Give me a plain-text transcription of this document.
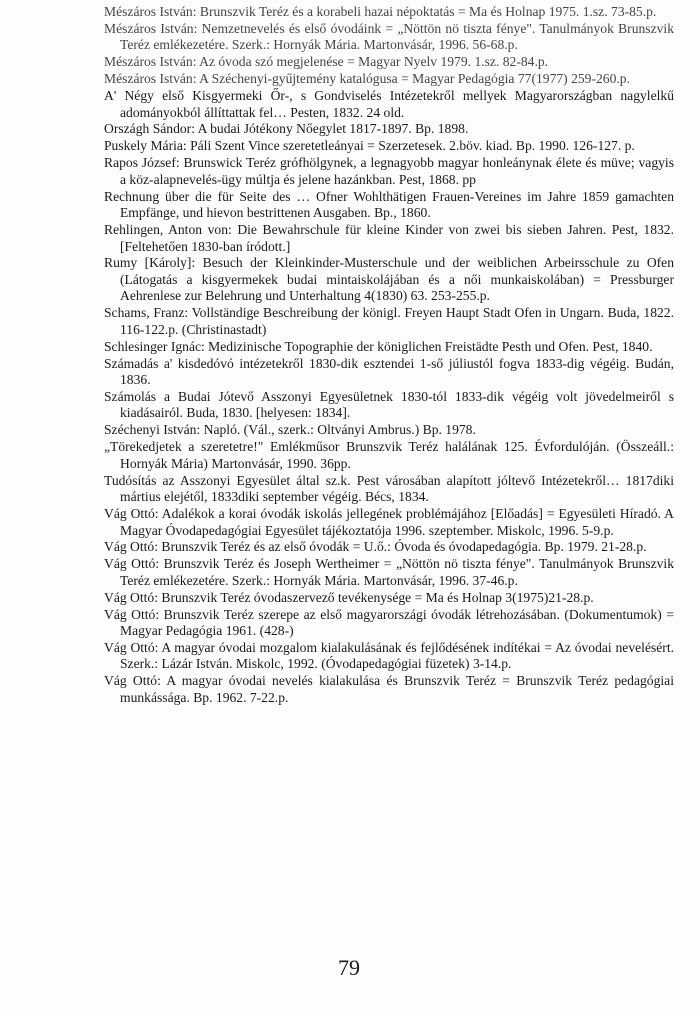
Mészáros István: Brunszvik Teréz és a korabeli hazai népoktatás = Ma és Holnap 1975. 1.sz. 73-85.p.

Mészáros István: Nemzetnevelés és első óvodáink = „Nöttön nö tiszta fénye". Tanulmányok Brunszvik Teréz emlékezetére. Szerk.: Hornyák Mária. Martonvásár, 1996. 56-68.p.

Mészáros István: Az óvoda szó megjelenése = Magyar Nyelv 1979. 1.sz. 82-84.p.

Mészáros István: A Széchenyi-gyűjtemény katalógusa = Magyar Pedagógia 77(1977) 259-260.p.

A' Négy első Kisgyermeki Őr-, s Gondviselés Intézetekről mellyek Magyarországban nagylelkű adományokból állíttattak fel… Pesten, 1832. 24 old.

Országh Sándor: A budai Jótékony Nőegylet 1817-1897. Bp. 1898.

Puskely Mária: Páli Szent Vince szeretetleányai = Szerzetesek. 2.böv. kiad. Bp. 1990. 126-127. p.

Rapos József: Brunswick Teréz grófhölgynek, a legnagyobb magyar honleánynak élete és müve; vagyis a köz-alapnevelés-ügy múltja és jelene hazánkban. Pest, 1868. pp

Rechnung über die für Seite des … Ofner Wohlthätigen Frauen-Vereines im Jahre 1859 gamachten Empfänge, und hievon bestrittenen Ausgaben. Bp., 1860.

Rehlingen, Anton von: Die Bewahrschule für kleine Kinder von zwei bis sieben Jahren. Pest, 1832. [Feltehetően 1830-ban íródott.]

Rumy [Károly]: Besuch der Kleinkinder-Musterschule und der weiblichen Arbeirsschule zu Ofen (Látogatás a kisgyermekek budai mintaiskolájában és a női munkaiskolában) = Pressburger Aehrenlese zur Belehrung und Unterhaltung 4(1830) 63. 253-255.p.

Schams, Franz: Vollständige Beschreibung der königl. Freyen Haupt Stadt Ofen in Ungarn. Buda, 1822. 116-122.p. (Christinastadt)

Schlesinger Ignác: Medizinische Topographie der königlichen Freistädte Pesth und Ofen. Pest, 1840.

Számadás a' kisdedóvó intézetekről 1830-dik esztendei 1-ső júliustól fogva 1833-dig végéig. Budán, 1836.

Számolás a Budai Jótevő Asszonyi Egyesületnek 1830-tól 1833-dik végéig volt jövedelmeiről s kiadásairól. Buda, 1830. [helyesen: 1834].

Széchenyi István: Napló. (Vál., szerk.: Oltványi Ambrus.) Bp. 1978.

„Törekedjetek a szeretetre!" Emlékműsor Brunszvik Teréz halálának 125. Évfordulóján. (Összeáll.: Hornyák Mária) Martonvásár, 1990. 36pp.

Tudósítás az Asszonyi Egyesület által sz.k. Pest városában alapított jóltevő Intézetekről… 1817diki mártius elejétől, 1833diki september végéig. Bécs, 1834.

Vág Ottó: Adalékok a korai óvodák iskolás jellegének problémájához [Előadás] = Egyesületi Híradó. A Magyar Óvodapedagógiai Egyesület tájékoztatója 1996. szeptember. Miskolc, 1996. 5-9.p.

Vág Ottó: Brunszvik Teréz és az első óvodák = U.ő.: Óvoda és óvodapedagógia. Bp. 1979. 21-28.p.

Vág Ottó: Brunszvik Teréz és Joseph Wertheimer = „Nöttön nö tiszta fénye". Tanulmányok Brunszvik Teréz emlékezetére. Szerk.: Hornyák Mária. Martonvásár, 1996. 37-46.p.

Vág Ottó: Brunszvik Teréz óvodaszervező tevékenysége = Ma és Holnap 3(1975)21-28.p.

Vág Ottó: Brunszvik Teréz szerepe az első magyarországi óvodák létrehozásában. (Dokumentumok) = Magyar Pedagógia 1961. (428-)

Vág Ottó: A magyar óvodai mozgalom kialakulásának és fejlődésének indítékai = Az óvodai nevelésért. Szerk.: Lázár István. Miskolc, 1992. (Óvodapedagógiai füzetek) 3-14.p.

Vág Ottó: A magyar óvodai nevelés kialakulása és Brunszvik Teréz = Brunszvik Teréz pedagógiai munkássága. Bp. 1962. 7-22.p.

79
